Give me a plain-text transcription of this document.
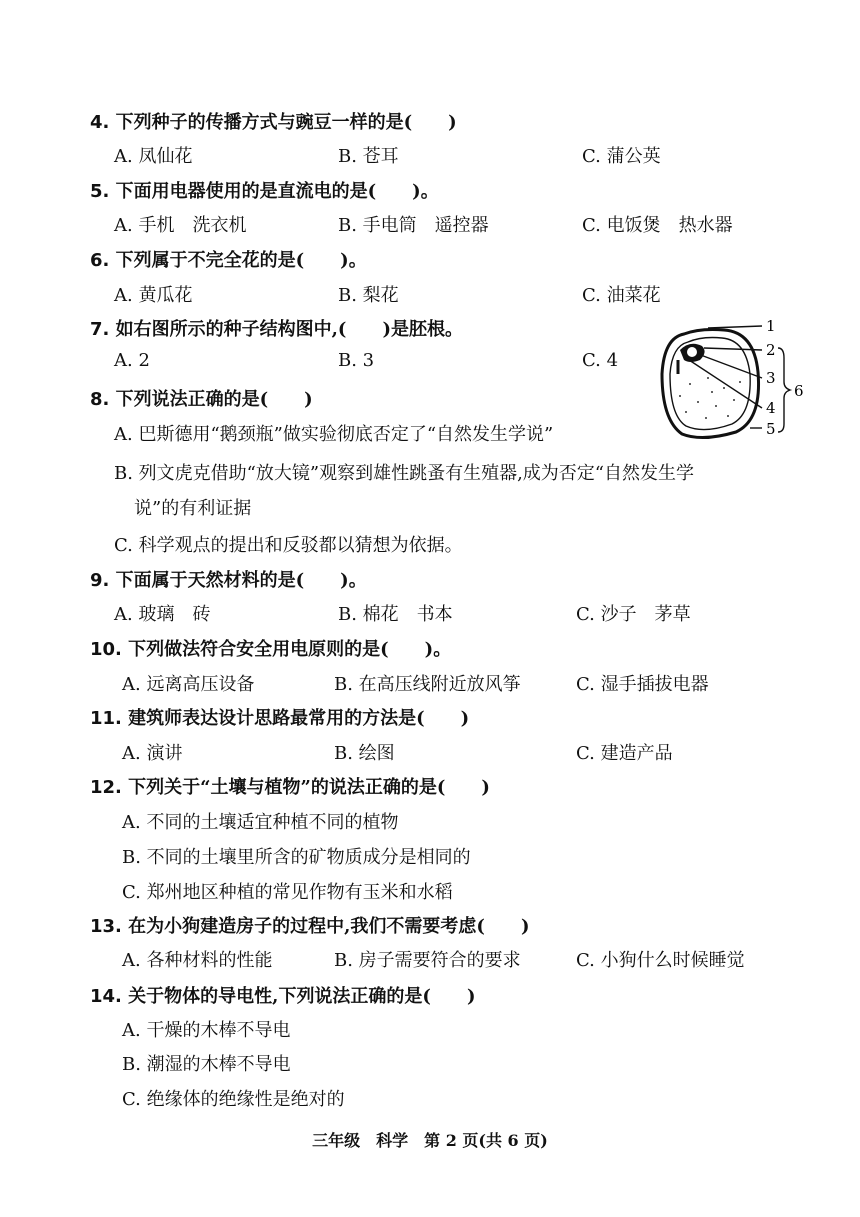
4. 下列种子的传播方式与豌豆一样的是(　　)
A. 凤仙花	B. 苍耳	C. 蒲公英
5. 下面用电器使用的是直流电的是(　　)。
A. 手机　洗衣机	B. 手电筒　遥控器	C. 电饭煲　热水器
6. 下列属于不完全花的是(　　)。
A. 黄瓜花	B. 梨花	C. 油菜花
7. 如右图所示的种子结构图中,(　　)是胚根。
A. 2	B. 3	C. 4
1
2
3
4
5
6
8. 下列说法正确的是(　　)
A. 巴斯德用“鹅颈瓶”做实验彻底否定了“自然发生学说”
B. 列文虎克借助“放大镜”观察到雄性跳蚤有生殖器,成为否定“自然发生学
说”的有利证据
C. 科学观点的提出和反驳都以猜想为依据。
9. 下面属于天然材料的是(　　)。
A. 玻璃　砖	B. 棉花　书本	C. 沙子　茅草
10. 下列做法符合安全用电原则的是(　　)。
A. 远离高压设备	B. 在高压线附近放风筝	C. 湿手插拔电器
11. 建筑师表达设计思路最常用的方法是(　　)
A. 演讲	B. 绘图	C. 建造产品
12. 下列关于“土壤与植物”的说法正确的是(　　)
A. 不同的土壤适宜种植不同的植物
B. 不同的土壤里所含的矿物质成分是相同的
C. 郑州地区种植的常见作物有玉米和水稻
13. 在为小狗建造房子的过程中,我们不需要考虑(　　)
A. 各种材料的性能	B. 房子需要符合的要求	C. 小狗什么时候睡觉
14. 关于物体的导电性,下列说法正确的是(　　)
A. 干燥的木棒不导电
B. 潮湿的木棒不导电
C. 绝缘体的绝缘性是绝对的
三年级　科学　第 2 页(共 6 页)
